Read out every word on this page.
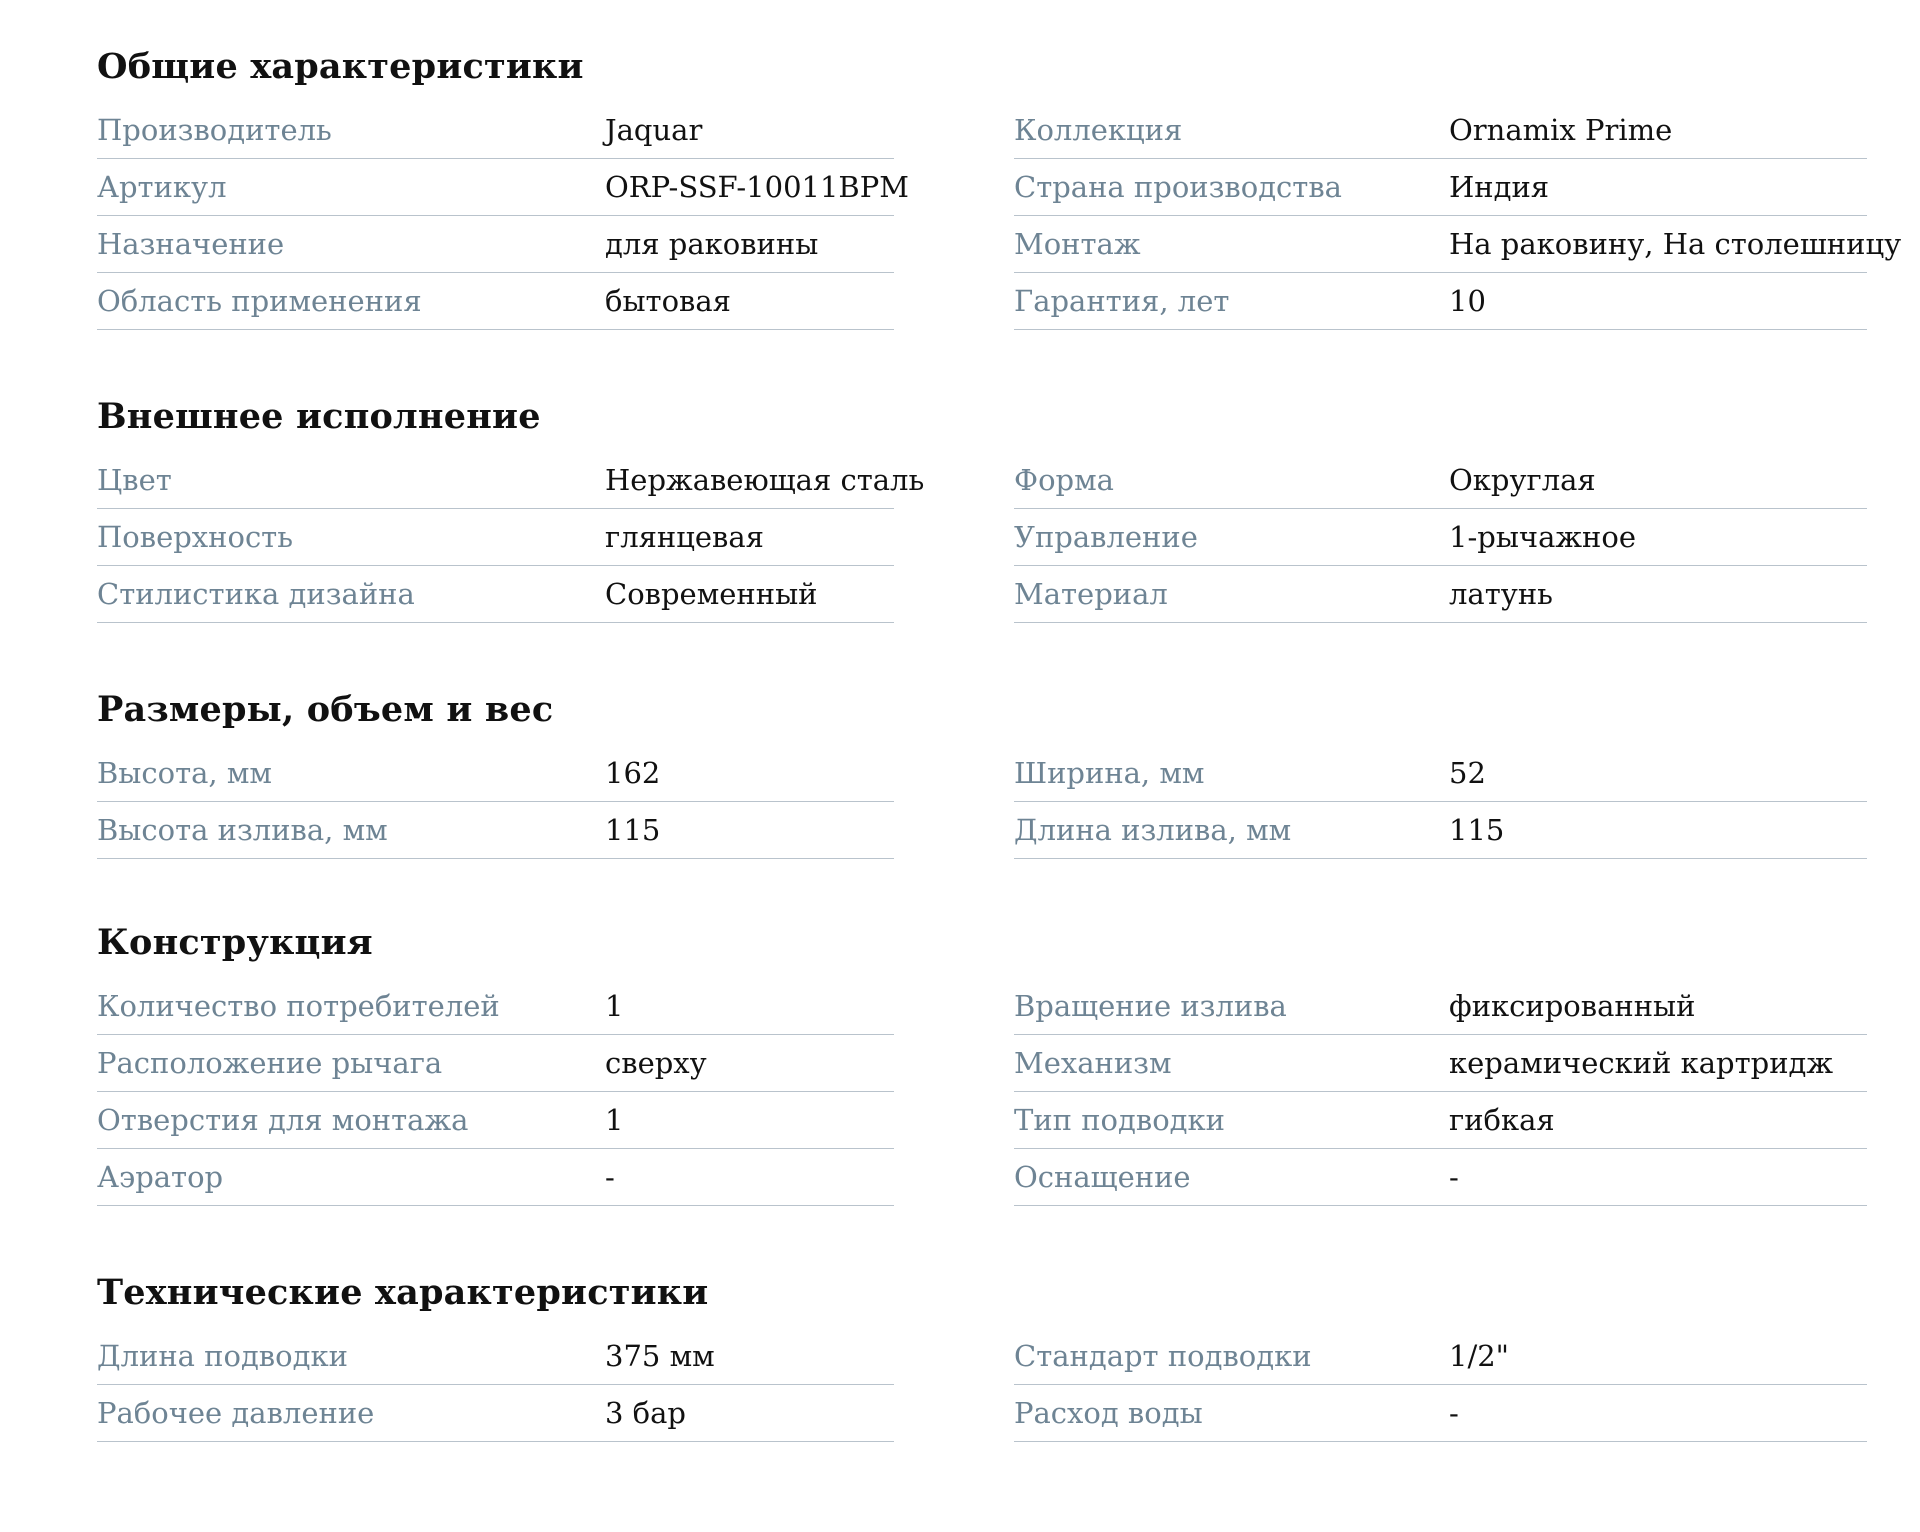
Общие характеристики
Производитель	Jaquar
Артикул	ORP-SSF-10011BPM
Назначение	для раковины
Область применения	бытовая
Коллекция	Ornamix Prime
Страна производства	Индия
Монтаж	На раковину, На столешницу
Гарантия, лет	10
Внешнее исполнение
Цвет	Нержавеющая сталь
Поверхность	глянцевая
Стилистика дизайна	Современный
Форма	Округлая
Управление	1-рычажное
Материал	латунь
Размеры, объем и вес
Высота, мм	162
Высота излива, мм	115
Ширина, мм	52
Длина излива, мм	115
Конструкция
Количество потребителей	1
Расположение рычага	сверху
Отверстия для монтажа	1
Аэратор	-
Вращение излива	фиксированный
Механизм	керамический картридж
Тип подводки	гибкая
Оснащение	-
Технические характеристики
Длина подводки	375 мм
Рабочее давление	3 бар
Стандарт подводки	1/2"
Расход воды	-
